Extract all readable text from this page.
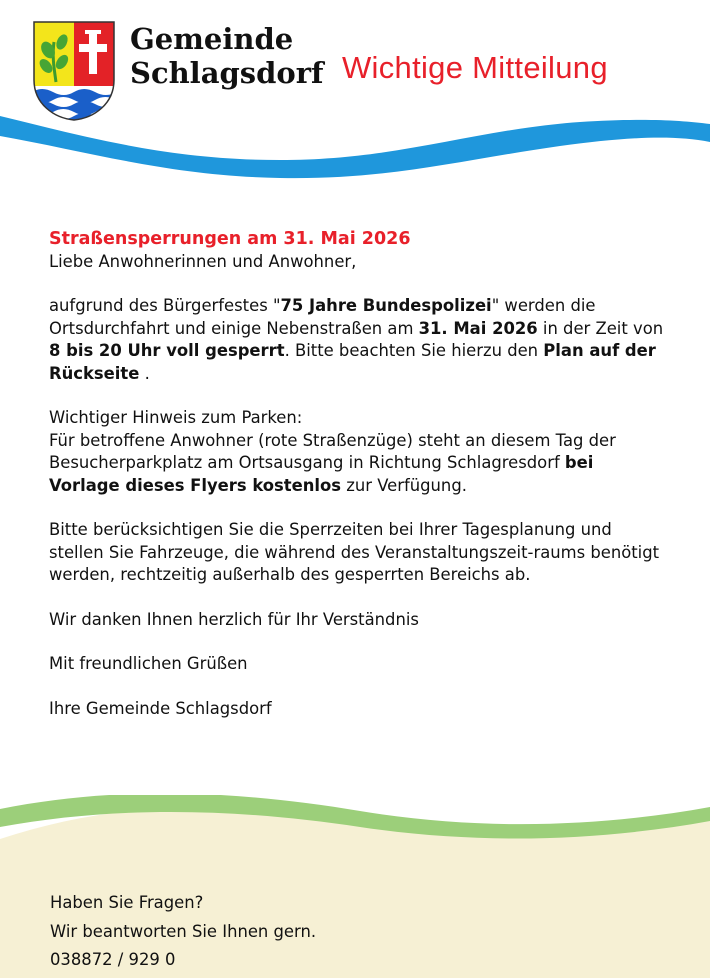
Gemeinde
Schlagsdorf Wichtige Mitteilung

Straßensperrungen am 31. Mai 2026

Liebe Anwohnerinnen und Anwohner,

aufgrund des Bürgerfestes "75 Jahre Bundespolizei" werden die Ortsdurchfahrt und einige Nebenstraßen am 31. Mai 2026 in der Zeit von 8 bis 20 Uhr voll gesperrt. Bitte beachten Sie hierzu den Plan auf der Rückseite .

Wichtiger Hinweis zum Parken:
Für betroffene Anwohner (rote Straßenzüge) steht an diesem Tag der Besucherparkplatz am Ortsausgang in Richtung Schlagresdorf bei Vorlage dieses Flyers kostenlos zur Verfügung.

Bitte berücksichtigen Sie die Sperrzeiten bei Ihrer Tagesplanung und stellen Sie Fahrzeuge, die während des Veranstaltungszeit-raums benötigt werden, rechtzeitig außerhalb des gesperrten Bereichs ab.

Wir danken Ihnen herzlich für Ihr Verständnis

Mit freundlichen Grüßen

Ihre Gemeinde Schlagsdorf

Haben Sie Fragen?
Wir beantworten Sie Ihnen gern.
038872 / 929 0
